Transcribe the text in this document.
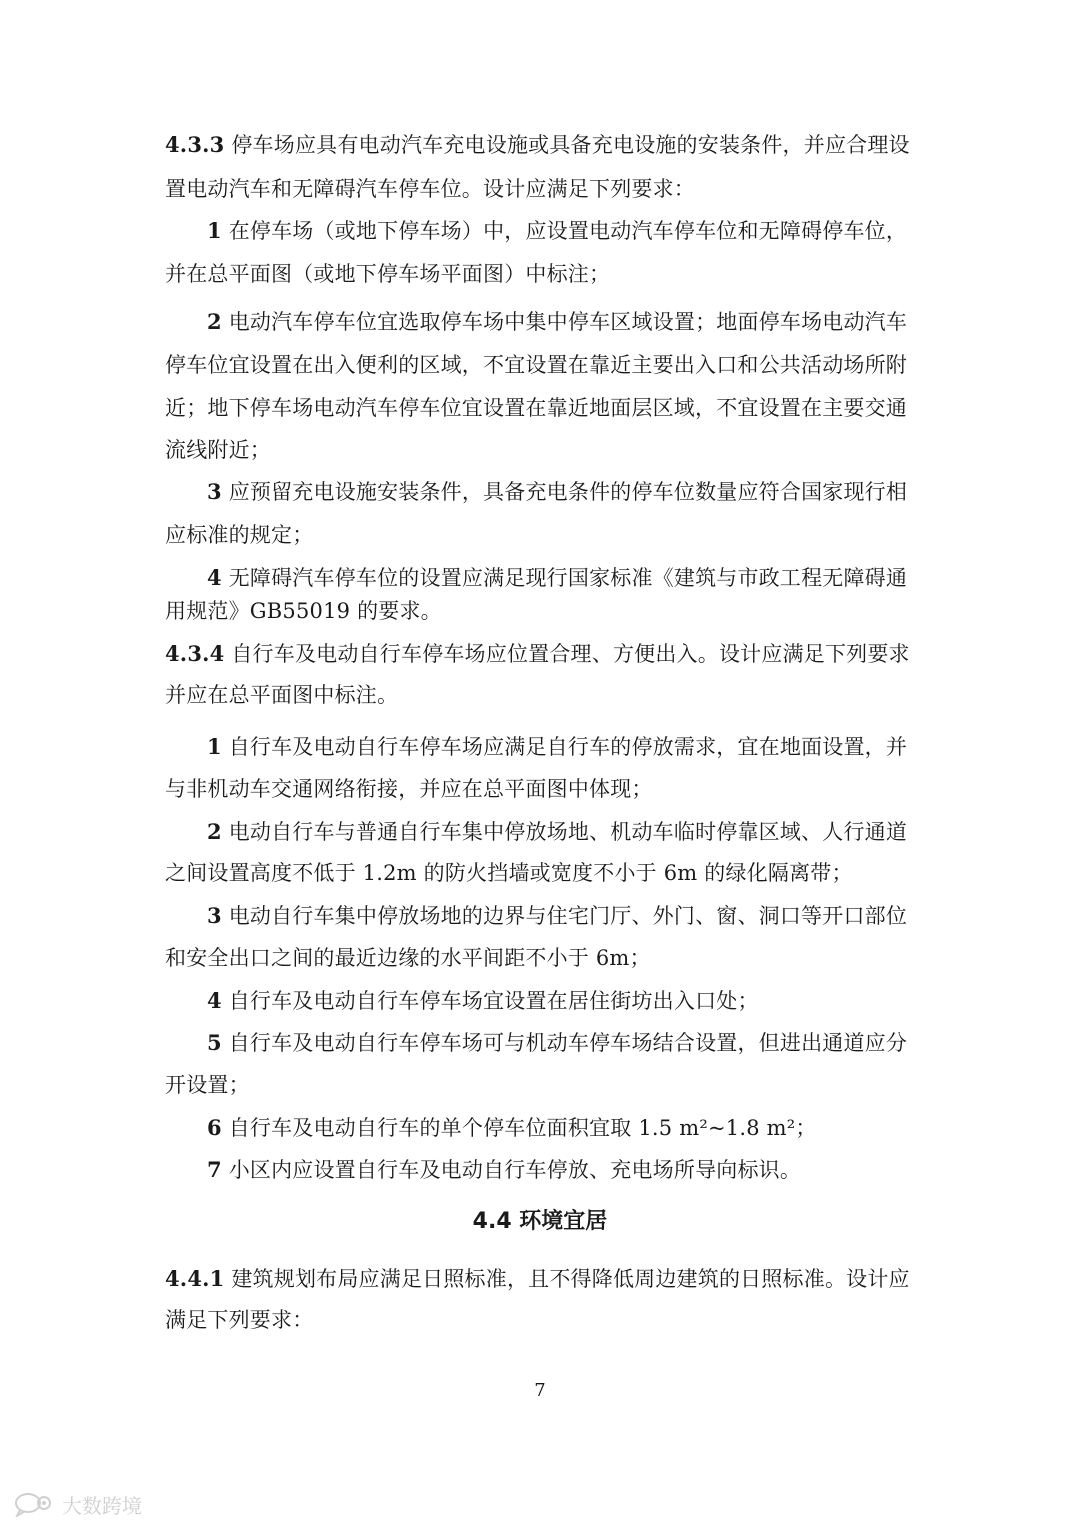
4.3.3 停车场应具有电动汽车充电设施或具备充电设施的安装条件，并应合理设
置电动汽车和无障碍汽车停车位。设计应满足下列要求：
1 在停车场（或地下停车场）中，应设置电动汽车停车位和无障碍停车位，
并在总平面图（或地下停车场平面图）中标注；
2 电动汽车停车位宜选取停车场中集中停车区域设置；地面停车场电动汽车
停车位宜设置在出入便利的区域，不宜设置在靠近主要出入口和公共活动场所附
近；地下停车场电动汽车停车位宜设置在靠近地面层区域，不宜设置在主要交通
流线附近；
3 应预留充电设施安装条件，具备充电条件的停车位数量应符合国家现行相
应标准的规定；
4 无障碍汽车停车位的设置应满足现行国家标准《建筑与市政工程无障碍通
用规范》GB55019 的要求。
4.3.4 自行车及电动自行车停车场应位置合理、方便出入。设计应满足下列要求
并应在总平面图中标注。
1 自行车及电动自行车停车场应满足自行车的停放需求，宜在地面设置，并
与非机动车交通网络衔接，并应在总平面图中体现；
2 电动自行车与普通自行车集中停放场地、机动车临时停靠区域、人行通道
之间设置高度不低于 1.2m 的防火挡墙或宽度不小于 6m 的绿化隔离带；
3 电动自行车集中停放场地的边界与住宅门厅、外门、窗、洞口等开口部位
和安全出口之间的最近边缘的水平间距不小于 6m；
4 自行车及电动自行车停车场宜设置在居住街坊出入口处；
5 自行车及电动自行车停车场可与机动车停车场结合设置，但进出通道应分
开设置；
6 自行车及电动自行车的单个停车位面积宜取 1.5 m²~1.8 m²；
7 小区内应设置自行车及电动自行车停放、充电场所导向标识。
4.4 环境宜居
4.4.1 建筑规划布局应满足日照标准，且不得降低周边建筑的日照标准。设计应
满足下列要求：
7
大数跨境
